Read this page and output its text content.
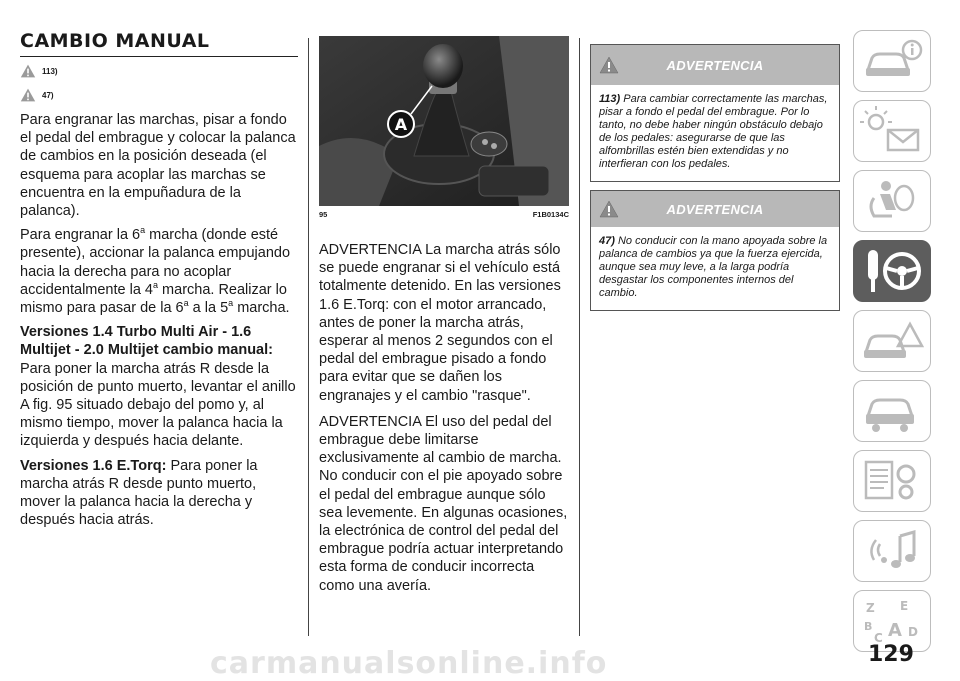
CAMBIO MANUAL
113)
47)

Para engranar las marchas, pisar a fondo el pedal del embrague y colocar la palanca de cambios en la posición deseada (el esquema para acoplar las marchas se encuentra en la empuñadura de la palanca).

Para engranar la 6$^a$ marcha (donde esté presente), accionar la palanca empujando hacia la derecha para no acoplar accidentalmente la 4$^a$ marcha. Realizar lo mismo para pasar de la 6$^a$ a la 5$^a$ marcha.

Versiones 1.4 Turbo Multi Air - 1.6 Multijet - 2.0 Multijet cambio manual: Para poner la marcha atrás R desde la posición de punto muerto, levantar el anillo A fig. 95 situado debajo del pomo y, al mismo tiempo, mover la palanca hacia la izquierda y después hacia delante.

Versiones 1.6 E.Torq: Para poner la marcha atrás R desde punto muerto, mover la palanca hacia la derecha y después hacia atrás.

A
95	F1B0134C

ADVERTENCIA La marcha atrás sólo se puede engranar si el vehículo está totalmente detenido. En las versiones 1.6 E.Torq: con el motor arrancado, antes de poner la marcha atrás, esperar al menos 2 segundos con el pedal del embrague pisado a fondo para evitar que se dañen los engranajes y el cambio "rasque".

ADVERTENCIA El uso del pedal del embrague debe limitarse exclusivamente al cambio de marcha. No conducir con el pie apoyado sobre el pedal del embrague aunque sólo sea levemente. En algunas ocasiones, la electrónica de control del pedal del embrague podría actuar interpretando esta forma de conducir incorrecta como una avería.

ADVERTENCIA
113) Para cambiar correctamente las marchas, pisar a fondo el pedal del embrague. Por lo tanto, no debe haber ningún obstáculo debajo de los pedales: asegurarse de que las alfombrillas estén bien extendidas y no interfieran con los pedales.
ADVERTENCIA
47) No conducir con la mano apoyada sobre la palanca de cambios ya que la fuerza ejercida, aunque sea muy leve, a la larga podría desgastar los componentes internos del cambio.
Z E
B A
C D
129
carmanualsonline.info
